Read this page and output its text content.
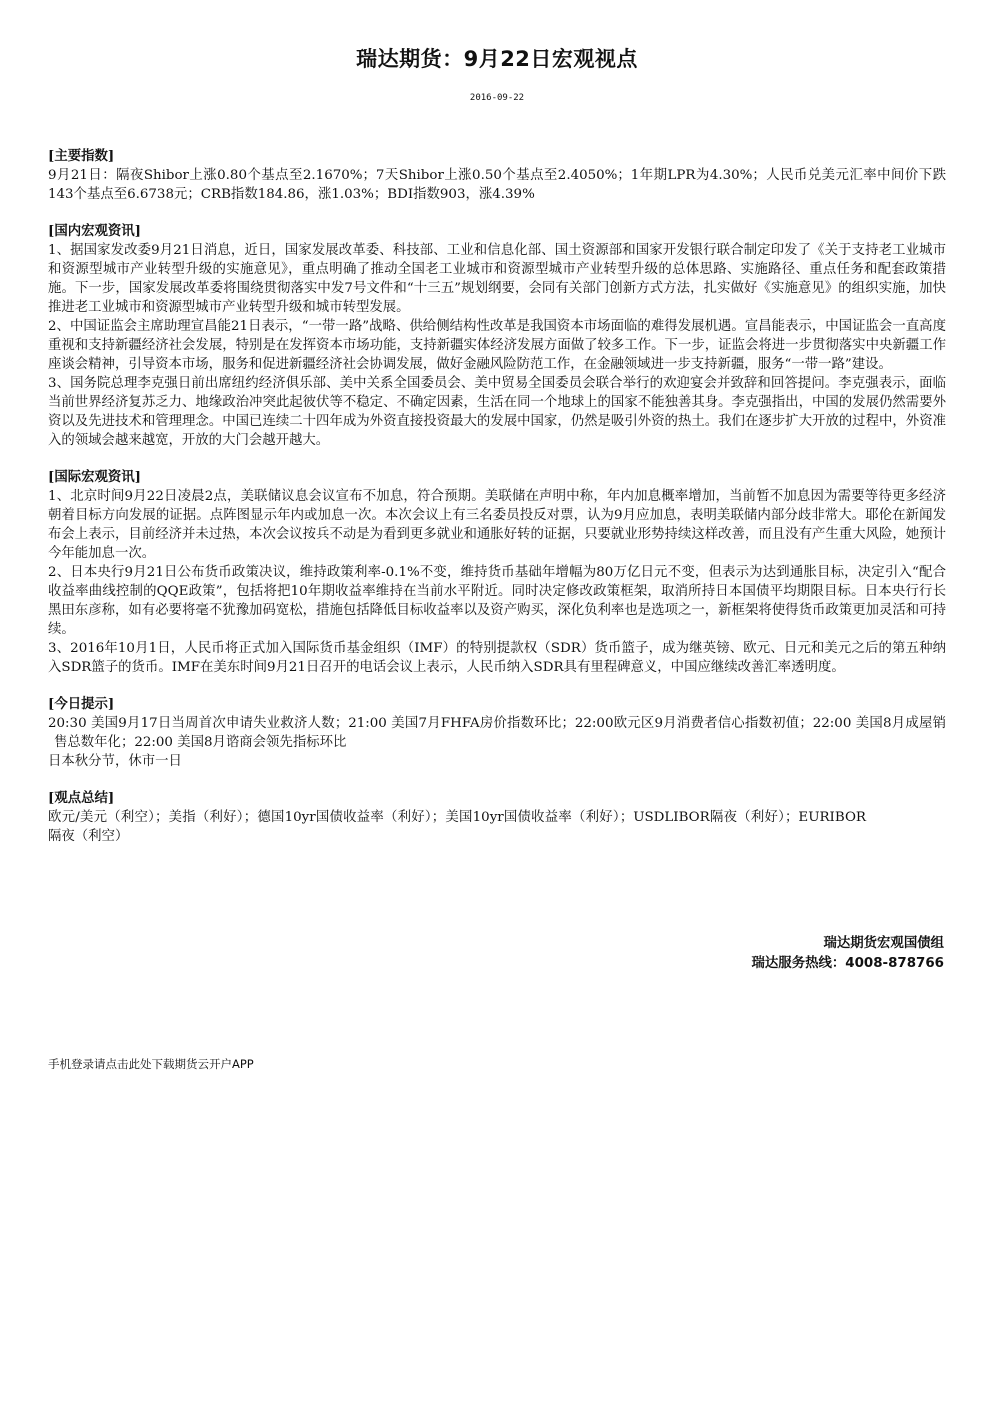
瑞达期货：9月22日宏观视点
2016-09-22
[主要指数]

9月21日：隔夜Shibor上涨0.80个基点至2.1670%；7天Shibor上涨0.50个基点至2.4050%；1年期LPR为4.30%；人民币兑美元汇率中间价下跌143个基点至6.6738元；CRB指数184.86，涨1.03%；BDI指数903，涨4.39%

[国内宏观资讯]

1、据国家发改委9月21日消息，近日，国家发展改革委、科技部、工业和信息化部、国土资源部和国家开发银行联合制定印发了《关于支持老工业城市和资源型城市产业转型升级的实施意见》，重点明确了推动全国老工业城市和资源型城市产业转型升级的总体思路、实施路径、重点任务和配套政策措施。下一步，国家发展改革委将围绕贯彻落实中发7号文件和“十三五”规划纲要，会同有关部门创新方式方法，扎实做好《实施意见》的组织实施，加快推进老工业城市和资源型城市产业转型升级和城市转型发展。

2、中国证监会主席助理宣昌能21日表示，“一带一路”战略、供给侧结构性改革是我国资本市场面临的难得发展机遇。宣昌能表示，中国证监会一直高度重视和支持新疆经济社会发展，特别是在发挥资本市场功能，支持新疆实体经济发展方面做了较多工作。下一步，证监会将进一步贯彻落实中央新疆工作座谈会精神，引导资本市场，服务和促进新疆经济社会协调发展，做好金融风险防范工作，在金融领域进一步支持新疆，服务“一带一路”建设。

3、国务院总理李克强日前出席纽约经济俱乐部、美中关系全国委员会、美中贸易全国委员会联合举行的欢迎宴会并致辞和回答提问。李克强表示，面临当前世界经济复苏乏力、地缘政治冲突此起彼伏等不稳定、不确定因素，生活在同一个地球上的国家不能独善其身。李克强指出，中国的发展仍然需要外资以及先进技术和管理理念。中国已连续二十四年成为外资直接投资最大的发展中国家，仍然是吸引外资的热土。我们在逐步扩大开放的过程中，外资准入的领域会越来越宽，开放的大门会越开越大。

[国际宏观资讯]

1、北京时间9月22日凌晨2点，美联储议息会议宣布不加息，符合预期。美联储在声明中称，年内加息概率增加，当前暂不加息因为需要等待更多经济朝着目标方向发展的证据。点阵图显示年内或加息一次。本次会议上有三名委员投反对票，认为9月应加息，表明美联储内部分歧非常大。耶伦在新闻发布会上表示，目前经济并未过热，本次会议按兵不动是为看到更多就业和通胀好转的证据，只要就业形势持续这样改善，而且没有产生重大风险，她预计今年能加息一次。

2、日本央行9月21日公布货币政策决议，维持政策利率-0.1%不变，维持货币基础年增幅为80万亿日元不变，但表示为达到通胀目标，决定引入“配合收益率曲线控制的QQE政策”，包括将把10年期收益率维持在当前水平附近。同时决定修改政策框架，取消所持日本国债平均期限目标。日本央行行长黑田东彦称，如有必要将毫不犹豫加码宽松，措施包括降低目标收益率以及资产购买，深化负利率也是选项之一，新框架将使得货币政策更加灵活和可持续。

3、2016年10月1日，人民币将正式加入国际货币基金组织（IMF）的特别提款权（SDR）货币篮子，成为继英镑、欧元、日元和美元之后的第五种纳入SDR篮子的货币。IMF在美东时间9月21日召开的电话会议上表示，人民币纳入SDR具有里程碑意义，中国应继续改善汇率透明度。

[今日提示]

20:30 美国9月17日当周首次申请失业救济人数；21:00 美国7月FHFA房价指数环比；22:00欧元区9月消费者信心指数初值；22:00 美国8月成屋销售总数年化；22:00 美国8月谘商会领先指标环比

日本秋分节，休市一日

[观点总结]

欧元/美元（利空）；美指（利好）；德国10yr国债收益率（利好）；美国10yr国债收益率（利好）；USDLIBOR隔夜（利好）；EURIBOR隔夜（利空）

瑞达期货宏观国债组
瑞达服务热线：4008-878766
手机登录请点击此处下载期货云开户APP
